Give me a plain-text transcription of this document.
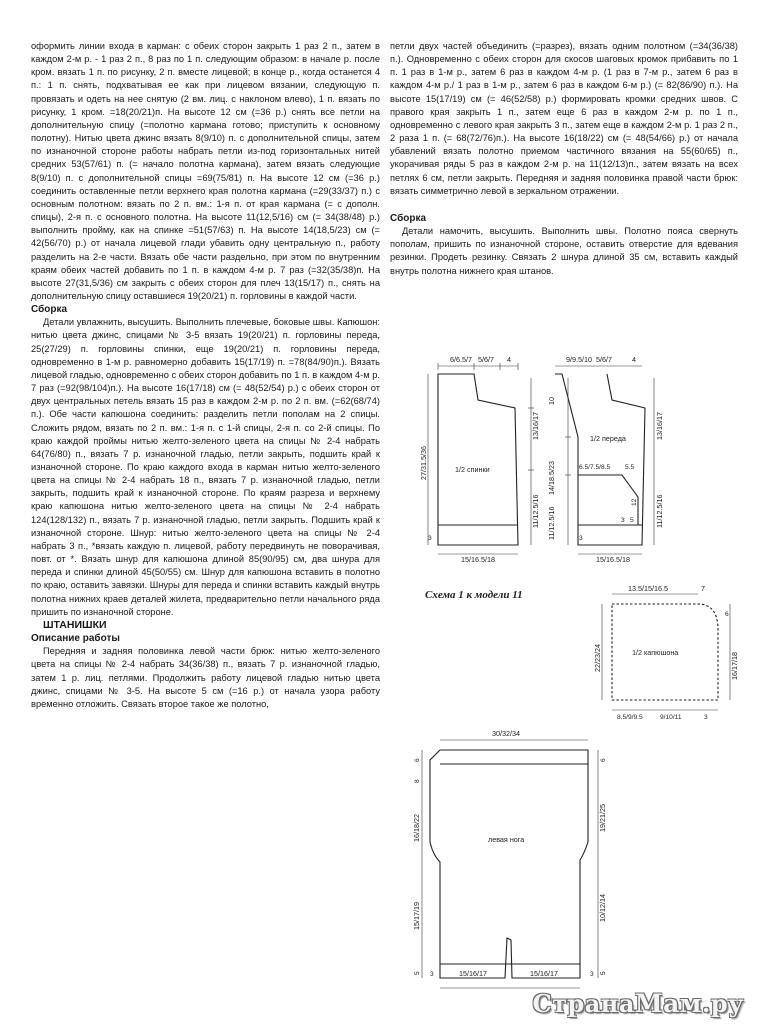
оформить линии входа в карман: с обеих сторон закрыть 1 раз 2 п., затем в каждом 2-м р. - 1 раз 2 п., 8 раз по 1 п. следующим образом: в начале р. после кром. вязать 1 п. по рисунку, 2 п. вместе лицевой; в конце р., когда останется 4 п.: 1 п. снять, подхватывая ее как при лицевом вязании, следующую п. провязать и одеть на нее снятую (2 вм. лиц. с наклоном влево), 1 п. вязать по рисунку, 1 кром. =18(20/21)п. На высоте 12 см (=36 р.) снять все петли на дополнительную спицу (=полотно кармана готово; приступить к основному полотну). Нитью цвета джинс вязать 8(9/10) п. с дополнительной спицы, затем по изнаночной стороне работы набрать петли из-под горизонтальных нитей средних 53(57/61) п. (= начало полотна кармана), затем вязать следующие 8(9/10) п. с дополнительной спицы =69(75/81) п. На высоте 12 см (=36 р.) соединить оставленные петли верхнего края полотна кармана (=29(33/37) п.) с основным полотном: вязать по 2 п. вм.: 1-я п. от края кармана (= с дополн. спицы), 2-я п. с основного полотна. На высоте 11(12,5/16) см (= 34(38/48) р.) выполнить пройму, как на спинке =51(57/63) п. На высоте 14(18,5/23) см (= 42(56/70) р.) от начала лицевой глади убавить одну центральную п., работу разделить на 2-е части. Вязать обе части раздельно, при этом по внутренним краям обеих частей добавить по 1 п. в каждом 4-м р. 7 раз (=32(35/38)п. На высоте 27(31,5/36) см закрыть с обеих сторон для плеч 13(15/17) п., снять на дополнительную спицу оставшиеся 19(20/21) п. горловины в каждой части.

Сборка

Детали увлажнить, высушить. Выполнить плечевые, боковые швы. Капюшон: нитью цвета джинс, спицами № 3-5 вязать 19(20/21) п. горловины переда, 25(27/29) п. горловины спинки, еще 19(20/21) п. горловины переда, одновременно в 1-м р. равномерно добавить 15(17/19) п. =78(84/90)п.). Вязать лицевой гладью, одновременно с обеих сторон добавить по 1 п. в каждом 4-м р. 7 раз (=92(98/104)п.). На высоте 16(17/18) см (= 48(52/54) р.) с обеих сторон от двух центральных петель вязать 15 раз в каждом 2-м р. по 2 п. вм. (=62(68/74) п.). Обе части капюшона соединить: разделить петли пополам на 2 спицы. Сложить рядом, вязать по 2 п. вм.: 1-я п. с 1-й спицы, 2-я п. со 2-й спицы. По краю каждой проймы нитью желто-зеленого цвета на спицы № 2-4 набрать 64(76/80) п., вязать 7 р. изнаночной гладью, петли закрыть, подшить край к изнаночной стороне. По краю каждого входа в карман нитью желто-зеленого цвета на спицы № 2-4 набрать 18 п., вязать 7 р. изнаночной гладью, петли закрыть, подшить край к изнаночной стороне. По краям разреза и верхнему краю капюшона нитью желто-зеленого цвета на спицы № 2-4 набрать 124(128/132) п., вязать 7 р. изнаночной гладью, петли закрыть. Подшить край к изнаночной стороне. Шнур: нитью желто-зеленого цвета на спицы № 2-4 набрать 3 п., *вязать каждую п. лицевой, работу передвинуть не поворачивая, повт. от *. Вязать шнур для капюшона длиной 85(90/95) см, два шнура для переда и спинки длиной 45(50/55) см. Шнур для капюшона вставить в полотно по краю, оставить завязки. Шнуры для переда и спинки вставить каждый внутрь полотна нижних краев деталей жилета, предварительно петли начального ряда пришить по изнаночной стороне.

ШТАНИШКИ

Описание работы

Передняя и задняя половинка левой части брюк: нитью желто-зеленого цвета на спицы № 2-4 набрать 34(36/38) п., вязать 7 р. изнаночной гладью, затем 1 р. лиц. петлями. Продолжить работу лицевой гладью нитью цвета джинс, спицами № 3-5. На высоте 5 см (=16 р.) от начала узора работу временно отложить. Связать второе такое же полотно,

петли двух частей объединить (=разрез), вязать одним полотном (=34(36/38) п.). Одновременно с обеих сторон для скосов шаговых кромок прибавить по 1 п. 1 раз в 1-м р., затем 6 раз в каждом 4-м р. (1 раз в 7-м р., затем 6 раз в каждом 4-м р./ 1 раз в 1-м р., затем 6 раз в каждом 6-м р.) (= 82(86/90) п.). На высоте 15(17/19) см (= 46(52/58) р.) формировать кромки средних швов. С правого края закрыть 1 п., затем еще 6 раз в каждом 2-м р. по 1 п., одновременно с левого края закрыть 3 п., затем еще в каждом 2-м р. 1 раз 2 п., 2 раза 1 п. (= 68(72/76)п.). На высоте 16(18/22) см (= 48(54/66) р.) от начала убавлений вязать полотно приемом частичного вязания на 55(60/65) п., укорачивая ряды 5 раз в каждом 2-м р. на 11(12/13)п., затем вязать на всех петлях 6 см, петли закрыть. Передняя и задняя половинка правой части брюк: вязать симметрично левой в зеркальном отражении.

Сборка

Детали намочить, высушить. Выполнить швы. Полотно пояса свернуть пополам, пришить по изнаночной стороне, оставить отверстие для вдевания резинки. Продеть резинку. Связать 2 шнура длиной 35 см, вставить каждый внутрь полотна нижнего края штанов.

6/6.5/7 5/6/7 4
27/31.5/36
13/16/17
11/12.5/16
1/2 спинки
3
15/16.5/18
9/9.5/10 5/6/7	4
10
14/18.5/23
11/12.5/16
13/16/17
11/12.5/16
1/2 переда
6.5/7.5/8.5 5.5
12
3 5
3
15/16.5/18
Схема 1 к модели 11
13.5/15/16.5	7
6
16/17/18
22/23/24	1/2 капюшона
8.5/9/9.5	9/10/11	3
30/32/34
6
8
16/18/22
15/17/19
5
6
19/21/25
10/12/14
5
левая нога
3	15/16/17	15/16/17	3
СтранаМам.ру
